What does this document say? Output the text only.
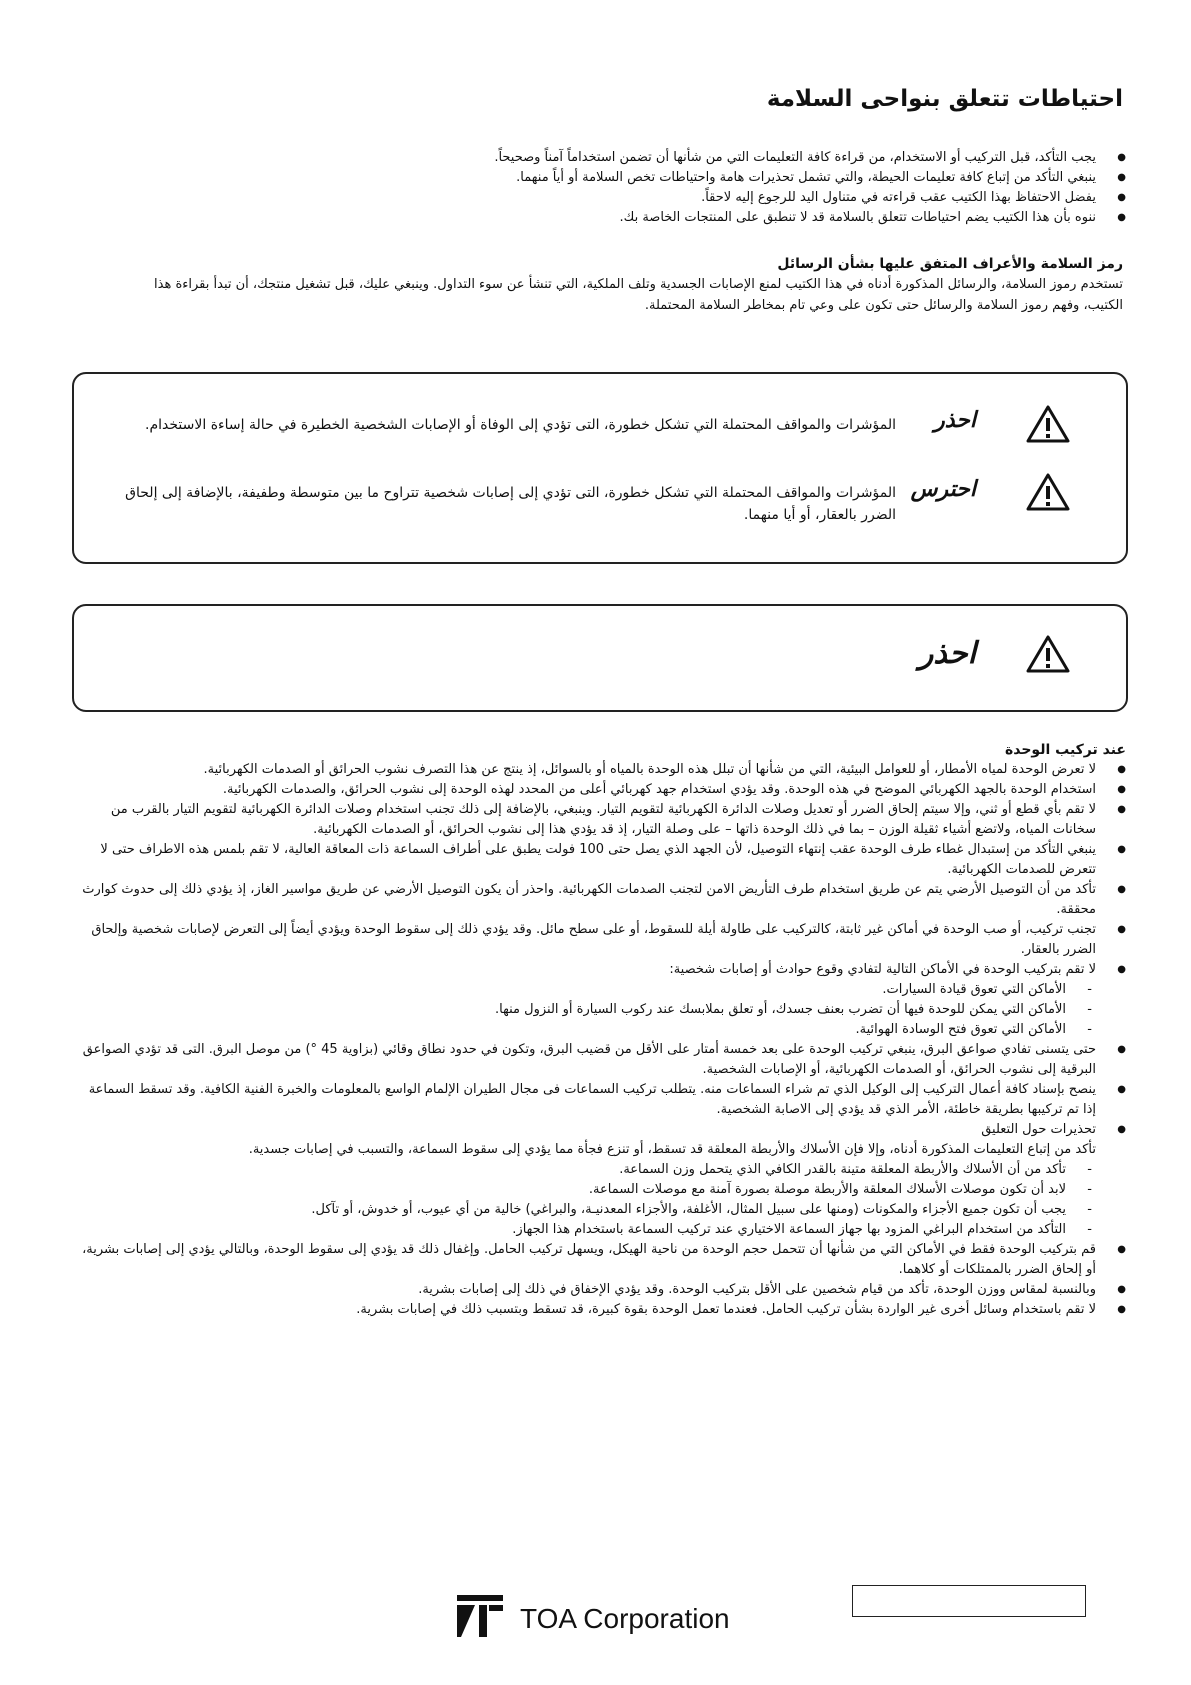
احتياطات تتعلق بنواحى السلامة
● يجب التأكد، قبل التركيب أو الاستخدام، من قراءة كافة التعليمات التي من شأنها أن تضمن استخداماً آمناً وصحيحاً.
● ينبغي التأكد من إتباع كافة تعليمات الحيطة، والتي تشمل تحذيرات هامة واحتياطات تخص السلامة أو أياً منهما.
● يفضل الاحتفاظ بهذا الكتيب عقب قراءته في متناول اليد للرجوع إليه لاحقاً.
● ننوه بأن هذا الكتيب يضم احتياطات تتعلق بالسلامة قد لا تنطبق على المنتجات الخاصة بك.
رمز السلامة والأعراف المتفق عليها بشأن الرسائل

تستخدم رموز السلامة، والرسائل المذكورة أدناه في هذا الكتيب لمنع الإصابات الجسدية وتلف الملكية، التي تنشأ عن سوء التداول. وينبغي عليك، قبل تشغيل منتجك، أن تبدأ بقراءة هذا الكتيب، وفهم رموز السلامة والرسائل حتى تكون على وعي تام بمخاطر السلامة المحتملة.

احذر
المؤشرات والمواقف المحتملة التي تشكل خطورة، التى تؤدي إلى الوفاة أو الإصابات الشخصية الخطيرة في حالة إساءة الاستخدام.
احترس
المؤشرات والمواقف المحتملة التي تشكل خطورة، التى تؤدي إلى إصابات شخصية تتراوح ما بين متوسطة وطفيفة، بالإضافة إلى إلحاق الضرر بالعقار، أو أيا منهما.
احذر
عند تركيب الوحدة
● لا تعرض الوحدة لمياه الأمطار، أو للعوامل البيئية، التي من شأنها أن تبلل هذه الوحدة بالمياه أو بالسوائل، إذ ينتج عن هذا التصرف نشوب الحرائق أو الصدمات الكهربائية.
● استخدام الوحدة بالجهد الكهربائي الموضح في هذه الوحدة. وقد يؤدي استخدام جهد كهربائي أعلى من المحدد لهذه الوحدة إلى نشوب الحرائق، والصدمات الكهربائية.
● لا تقم بأي قطع أو ثني، وإلا سيتم إلحاق الضرر أو تعديل وصلات الدائرة الكهربائية لتقويم التيار. وينبغي، بالإضافة إلى ذلك تجنب استخدام وصلات الدائرة الكهربائية لتقويم التيار بالقرب من سخانات المياه، ولاتضع أشياء ثقيلة الوزن – بما في ذلك الوحدة ذاتها – على وصلة التيار، إذ قد يؤدي هذا إلى نشوب الحرائق، أو الصدمات الكهربائية.
● ينبغي التأكد من إستبدال غطاء طرف الوحدة عقب إنتهاء التوصيل، لأن الجهد الذي يصل حتى 100 فولت يطبق على أطراف السماعة ذات المعاقة العالية، لا تقم بلمس هذه الاطراف حتى لا تتعرض للصدمات الكهربائية.
● تأكد من أن التوصيل الأرضي يتم عن طريق استخدام طرف التأريض الامن لتجنب الصدمات الكهربائية. واحذر أن يكون التوصيل الأرضي عن طريق مواسير الغاز، إذ يؤدي ذلك إلى حدوث كوارث محققة.
● تجنب تركيب، أو صب الوحدة في أماكن غير ثابتة، كالتركيب على طاولة أيلة للسقوط، أو على سطح مائل. وقد يؤدي ذلك إلى سقوط الوحدة ويؤدي أيضاً إلى التعرض لإصابات شخصية وإلحاق الضرر بالعقار.
● لا تقم بتركيب الوحدة في الأماكن التالية لتفادي وقوع حوادث أو إصابات شخصية:
- الأماكن التي تعوق قيادة السيارات.
- الأماكن التي يمكن للوحدة فيها أن تضرب بعنف جسدك، أو تعلق بملابسك عند ركوب السيارة أو النزول منها.
- الأماكن التي تعوق فتح الوسادة الهوائية.
● حتى يتسنى تفادي صواعق البرق، ينبغي تركيب الوحدة على بعد خمسة أمتار على الأقل من قضيب البرق، وتكون في حدود نطاق وقائي (بزاوية 45 °) من موصل البرق. التى قد تؤدي الصواعق البرقية إلى نشوب الحرائق، أو الصدمات الكهربائية، أو الإصابات الشخصية.
● ينصح بإسناد كافة أعمال التركيب إلى الوكيل الذي تم شراء السماعات منه. يتطلب تركيب السماعات فى مجال الطيران الإلمام الواسع بالمعلومات والخبرة الفنية الكافية. وقد تسقط السماعة إذا تم تركيبها بطريقة خاطئة، الأمر الذي قد يؤدي إلى الاصابة الشخصية.
● تحذيرات حول التعليق
تأكد من إتباع التعليمات المذكورة أدناه، وإلا فإن الأسلاك والأربطة المعلقة قد تسقط، أو تنزع فجأة مما يؤدي إلى سقوط السماعة، والتسبب في إصابات جسدية.
- تأكد من أن الأسلاك والأربطة المعلقة متينة بالقدر الكافي الذي يتحمل وزن السماعة.
- لابد أن تكون موصلات الأسلاك المعلقة والأربطة موصلة بصورة آمنة مع موصلات السماعة.
- يجب أن تكون جميع الأجزاء والمكونات (ومنها على سبيل المثال، الأغلفة، والأجزاء المعدنيـة، والبراغي) خالية من أي عيوب، أو خدوش، أو تآكل.
- التأكد من استخدام البراغي المزود بها جهاز السماعة الاختياري عند تركيب السماعة باستخدام هذا الجهاز.
● قم بتركيب الوحدة فقط في الأماكن التي من شأنها أن تتحمل حجم الوحدة من ناحية الهيكل، ويسهل تركيب الحامل. وإغفال ذلك قد يؤدي إلى سقوط الوحدة، وبالتالي يؤدي إلى إصابات بشرية، أو إلحاق الضرر بالممتلكات أو كلاهما.
● وبالنسبة لمقاس ووزن الوحدة، تأكد من قيام شخصين على الأقل بتركيب الوحدة. وقد يؤدي الإخفاق في ذلك إلى إصابات بشرية.
● لا تقم باستخدام وسائل أخرى غير الواردة بشأن تركيب الحامل. فعندما تعمل الوحدة بقوة كبيرة، قد تسقط وبتسبب ذلك في إصابات بشرية.
TOA Corporation
